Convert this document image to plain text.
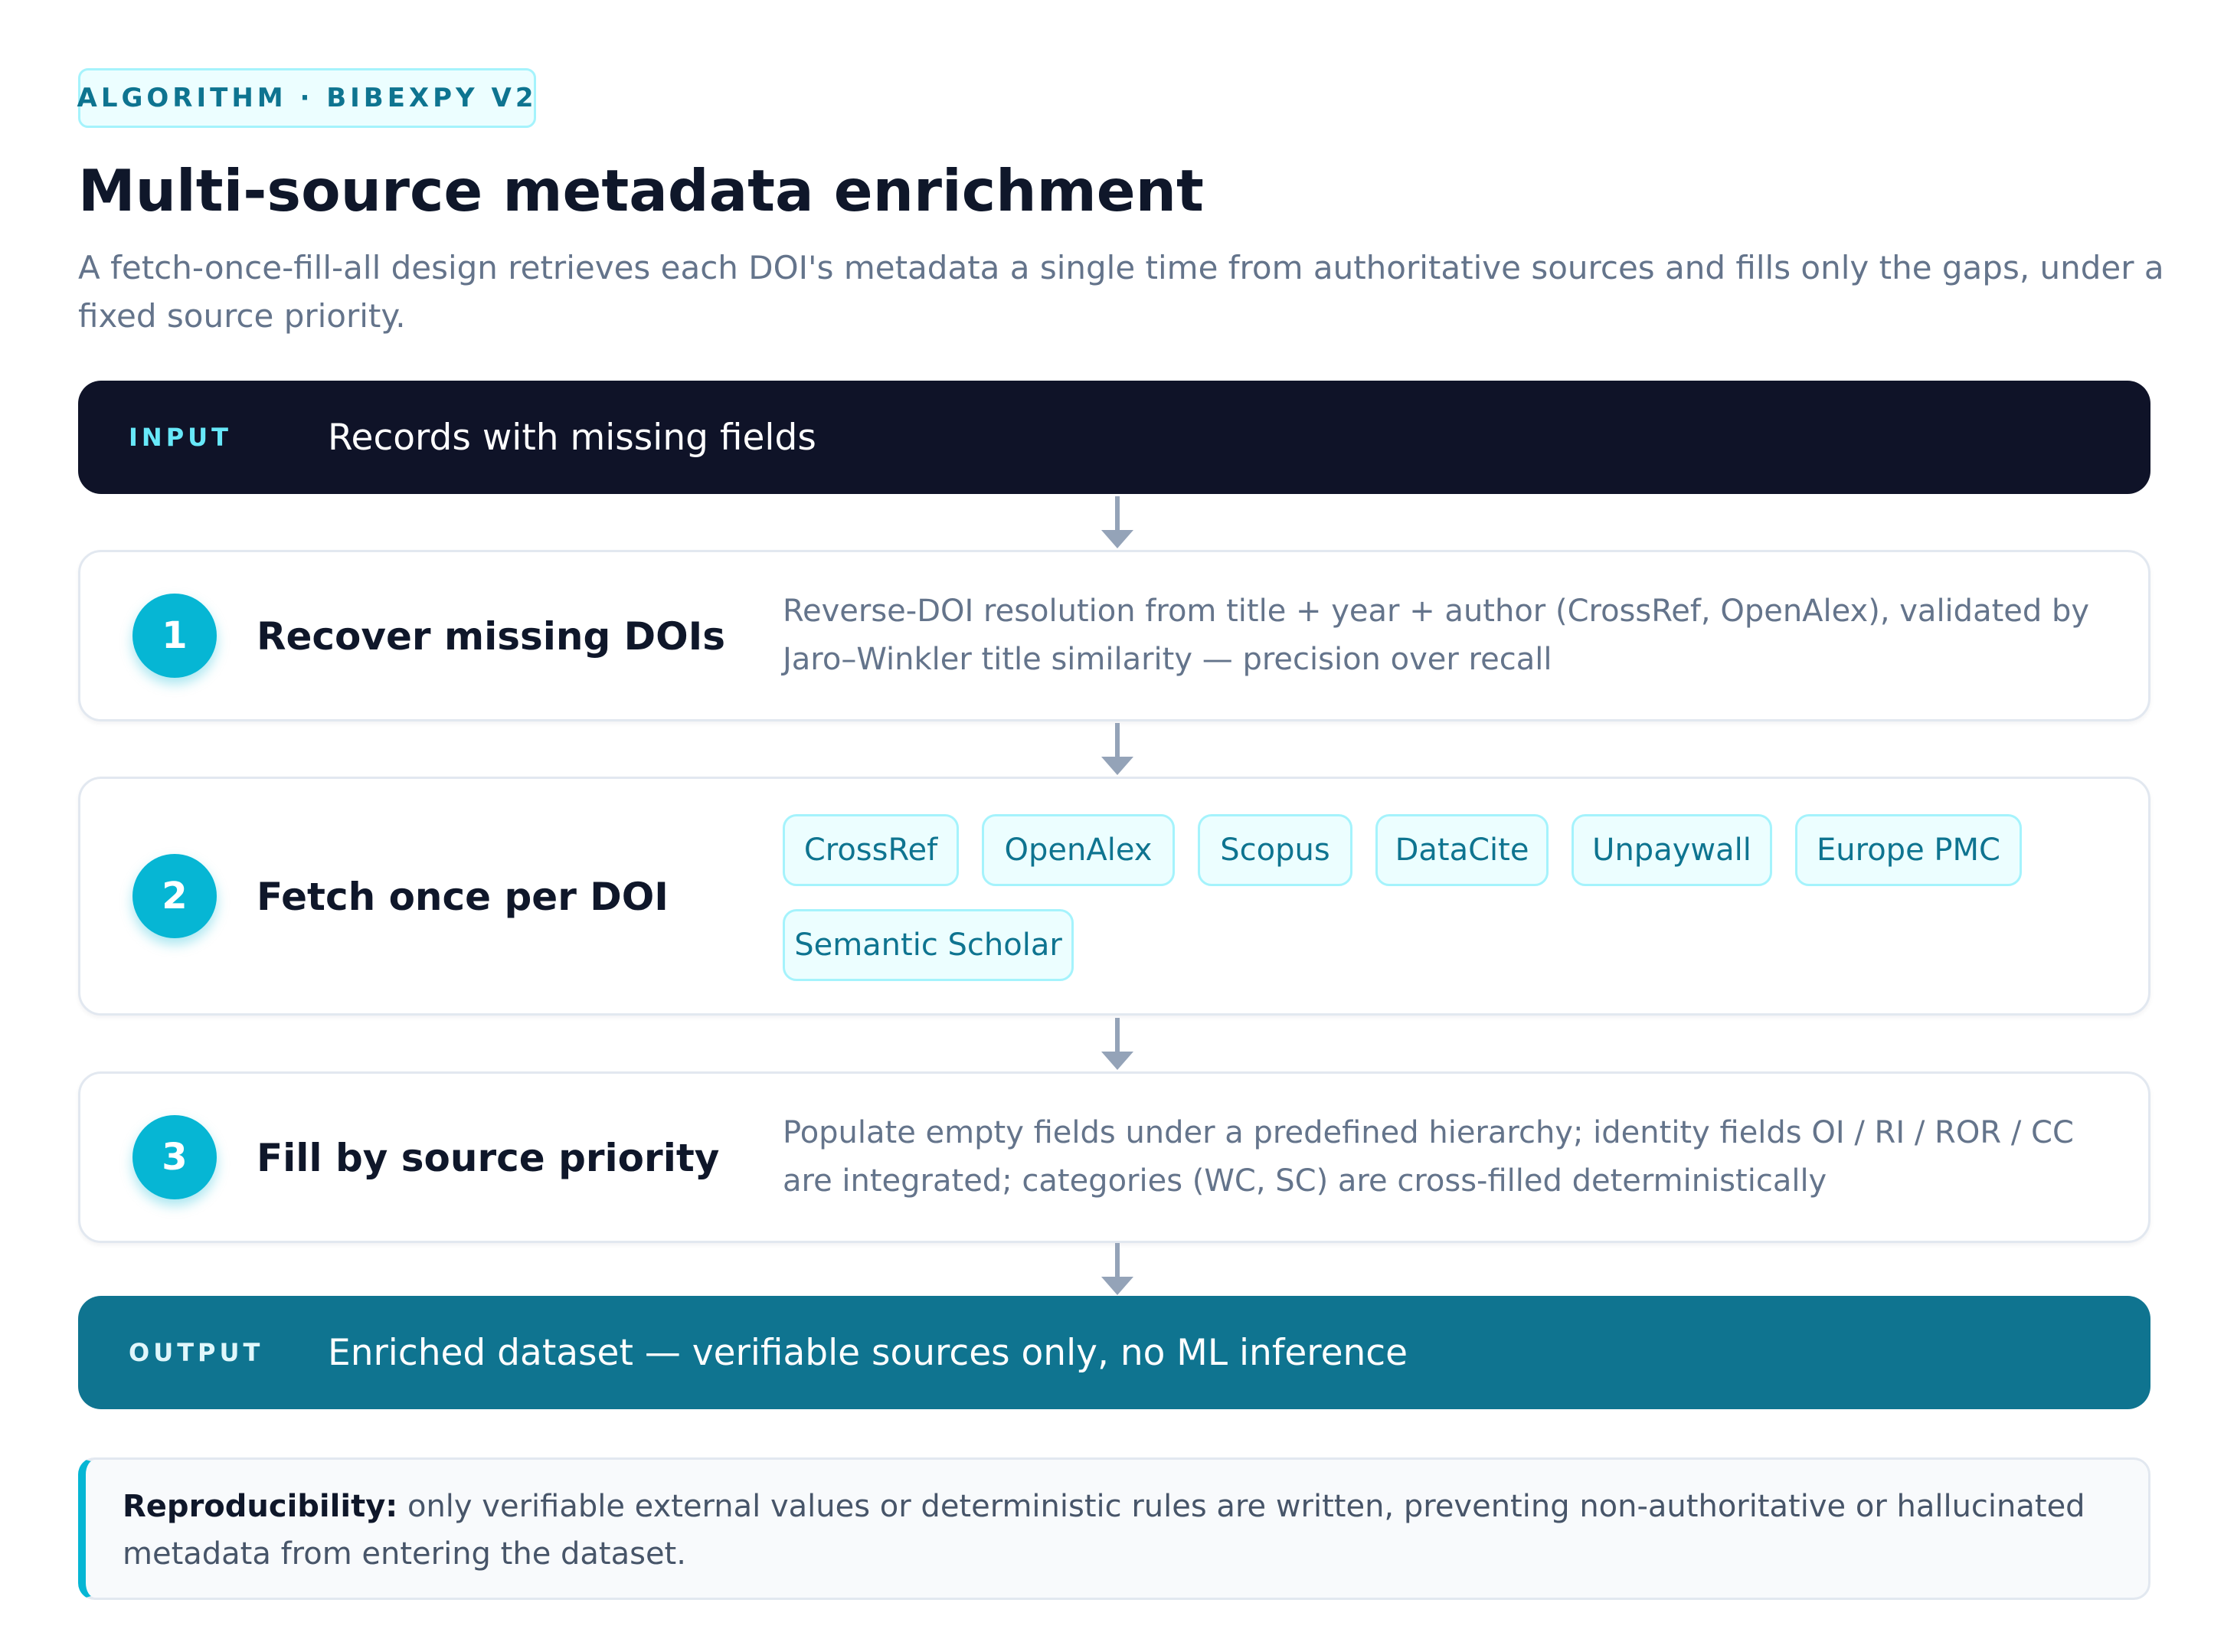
ALGORITHM · BIBEXPY V2
Multi-source metadata enrichment

A fetch-once-fill-all design retrieves each DOI's metadata a single time from authoritative sources and fills only the gaps, under a fixed source priority.

INPUT	Records with missing fields
1	Recover missing DOIs
Reverse-DOI resolution from title + year + author (CrossRef, OpenAlex), validated by Jaro–Winkler title similarity — precision over recall
2	Fetch once per DOI
CrossRef	OpenAlex	Scopus	DataCite	Unpaywall	Europe PMC
Semantic Scholar
3	Fill by source priority
Populate empty fields under a predefined hierarchy; identity fields OI / RI / ROR / CC are integrated; categories (WC, SC) are cross-filled deterministically
OUTPUT Enriched dataset — verifiable sources only, no ML inference
Reproducibility: only verifiable external values or deterministic rules are written, preventing non-authoritative or hallucinated metadata from entering the dataset.
